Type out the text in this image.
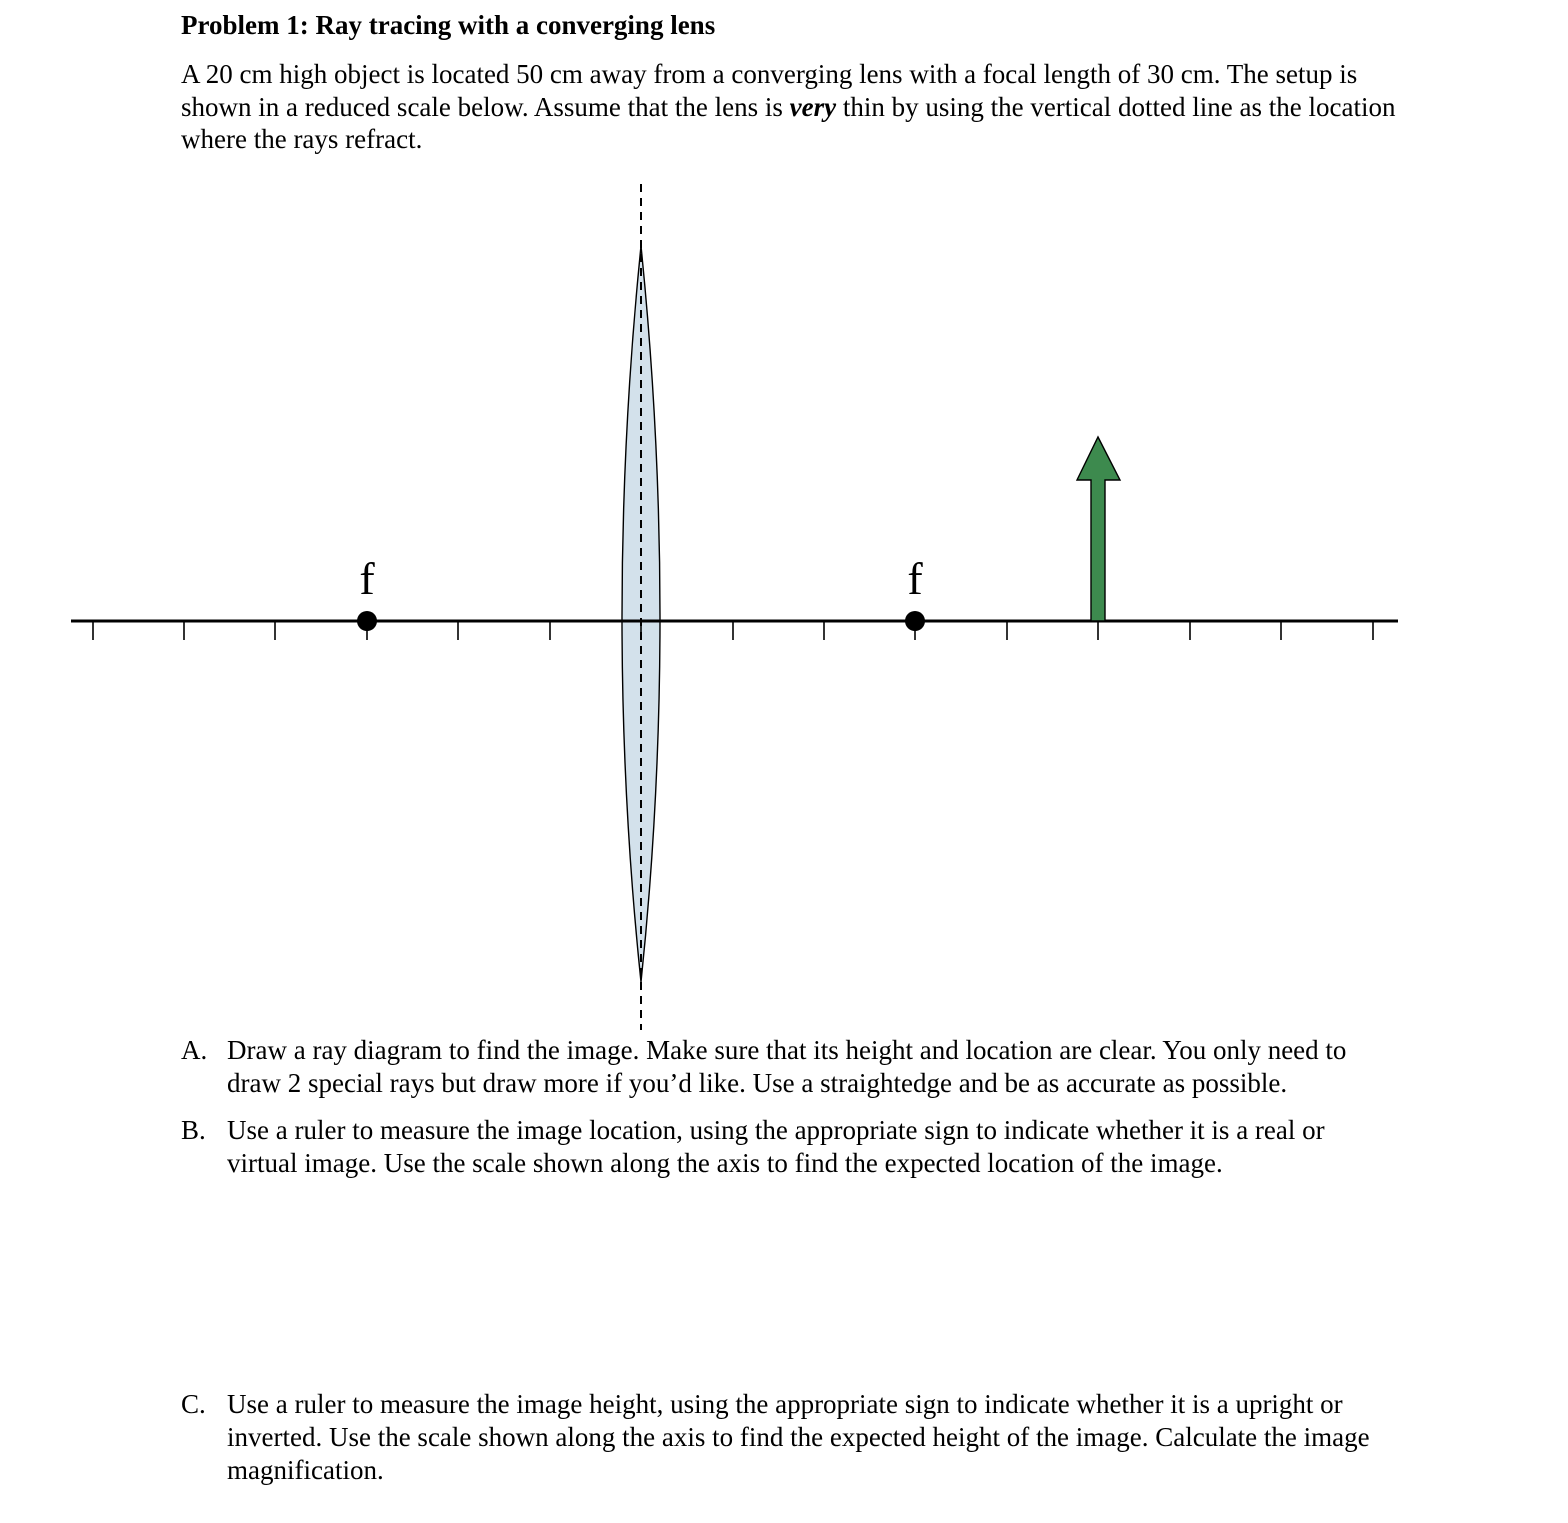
Problem 1: Ray tracing with a converging lens

A 20 cm high object is located 50 cm away from a converging lens with a focal length of 30 cm. The setup is shown in a reduced scale below. Assume that the lens is very thin by using the vertical dotted line as the location where the rays refract.

f	f
A. Draw a ray diagram to find the image. Make sure that its height and location are clear. You only need to draw 2 special rays but draw more if you’d like. Use a straightedge and be as accurate as possible.
B. Use a ruler to measure the image location, using the appropriate sign to indicate whether it is a real or virtual image. Use the scale shown along the axis to find the expected location of the image.
C. Use a ruler to measure the image height, using the appropriate sign to indicate whether it is a upright or inverted. Use the scale shown along the axis to find the expected height of the image. Calculate the image magnification.
